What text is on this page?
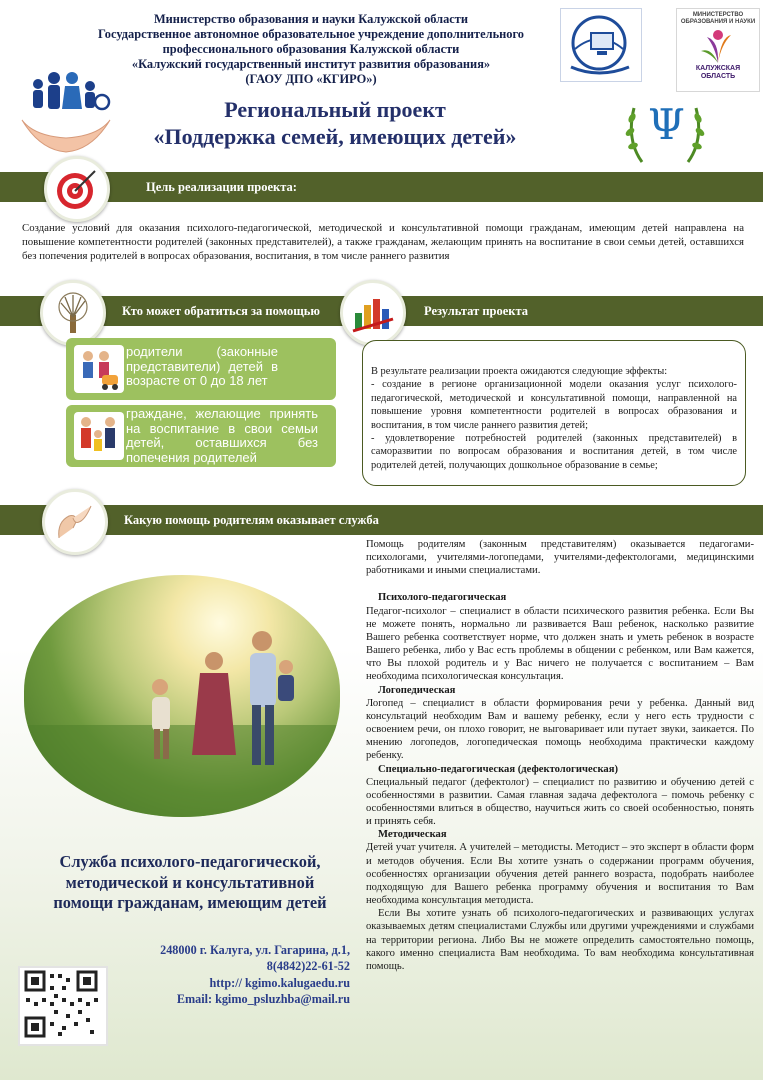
Министерство образования и науки Калужской области
Государственное автономное образовательное учреждение дополнительного
профессионального образования Калужской области
«Калужский государственный институт развития образования»
(ГАОУ ДПО «КГИРО»)
Региональный проект
«Поддержка семей, имеющих детей»
МИНИСТЕРСТВО ОБРАЗОВАНИЯ И НАУКИ
КАЛУЖСКАЯ
ОБЛАСТЬ
Ψ
Цель реализации проекта:
Создание условий для оказания психолого-педагогической, методической и консультативной помощи гражданам, имеющим детей направлена на повышение компетентности родителей (законных представителей), а также гражданам, желающим принять на воспитание в свои семьи детей, оставшихся без попечения родителей в вопросах образования, воспитания, в том числе раннего развития
Кто может обратиться за помощью	Результат проекта
родители (законные представители) детей в возрасте от 0 до 18 лет
граждане, желающие принять на воспитание в свои семьи детей, оставшихся без попечения родителей
В результате реализации проекта ожидаются следующие эффекты:
- создание в регионе организационной модели оказания услуг психолого-педагогической, методической и консультативной помощи, направленной на повышение уровня компетентности родителей в вопросах образования и воспитания, в том числе раннего развития детей;
- удовлетворение потребностей родителей (законных представителей) в саморазвитии по вопросам образования и воспитания детей, в том числе родителей детей, получающих дошкольное образование в семье;
Какую помощь родителям оказывает служба

Помощь родителям (законным представителям) оказывается педагогами-психологами, учителями-логопедами, учителями-дефектологами, медицинскими работниками и иными специалистами.

Психолого-педагогическая

Педагог-психолог – специалист в области психического развития ребенка. Если Вы не можете понять, нормально ли развивается Ваш ребенок, насколько развитие Вашего ребенка соответствует норме, что должен знать и уметь ребенок в возрасте Вашего ребенка, либо у Вас есть проблемы в общении с ребенком, или Вам кажется, что Вы плохой родитель и у Вас ничего не получается с воспитанием – Вам необходима психологическая консультация.

Логопедическая

Логопед – специалист в области формирования речи у ребенка. Данный вид консультаций необходим Вам и вашему ребенку, если у него есть трудности с освоением речи, он плохо говорит, не выговаривает или путает звуки, заикается. По мнению логопедов, логопедическая помощь необходима практически каждому ребенку.

Специально-педагогическая (дефектологическая)

Специальный педагог (дефектолог) – специалист по развитию и обучению детей с особенностями в развитии. Самая главная задача дефектолога – помочь ребенку с особенностями влиться в общество, научиться жить со своей особенностью, понять и принять себя.

Методическая

Детей учат учителя. А учителей – методисты. Методист – это эксперт в области форм и методов обучения. Если Вы хотите узнать о содержании программ обучения, особенностях организации обучения детей раннего возраста, подобрать наиболее подходящую для Вашего ребенка программу обучения и воспитания то Вам необходима консультация методиста.

Если Вы хотите узнать об психолого-педагогических и развивающих услугах оказываемых детям специалистами Службы или другими учреждениями и службами на территории региона. Либо Вы не можете определить самостоятельно помощь, какого именно специалиста Вам необходима. То вам необходима консультативная помощь.

Служба психолого-педагогической,
методической и консультативной
помощи гражданам, имеющим детей
248000 г. Калуга, ул. Гагарина, д.1,
8(4842)22-61-52
http:// kgimo.kalugaedu.ru
Email: kgimo_psluzhba@mail.ru
